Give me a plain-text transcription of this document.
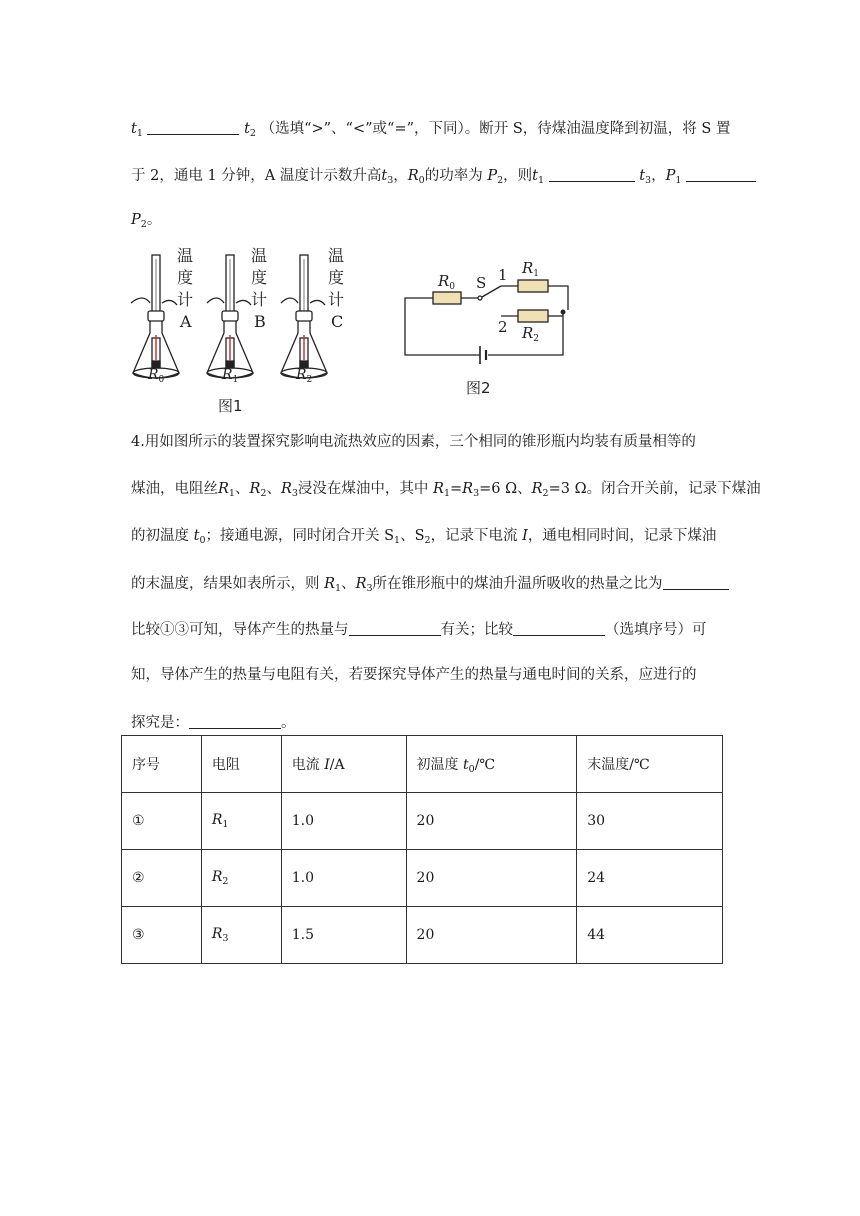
$t_1$	$t_2$ （选填“>”、“<”或“=”，下同）。断开 S，待煤油温度降到初温，将 S 置
于 2，通电 1 分钟，A 温度计示数升高$t_3$，$R_0$的功率为 $P_2$，则$t_1$	$t_3$，$P_1$
$P_2$。
温
度
计
A
温
度
计
B
温
度
计
C
$R_0$	$R_1$	$R_2$
图1
$R_0$ S 1
2
$R_1$
$R_2$
图2
4.用如图所示的装置探究影响电流热效应的因素，三个相同的锥形瓶内均装有质量相等的
煤油，电阻丝$R_1$、$R_2$、$R_3$浸没在煤油中，其中 $R_1=R_3=6$ Ω、$R_2=3$ Ω。闭合开关前，记录下煤油
的初温度 $t_0$；接通电源，同时闭合开关 $S_1$、$S_2$，记录下电流 I，通电相同时间，记录下煤油
的末温度，结果如表所示，则 $R_1$、$R_3$所在锥形瓶中的煤油升温所吸收的热量之比为
比较①③可知，导体产生的热量与	有关；比较	（选填序号）可
知，导体产生的热量与电阻有关，若要探究导体产生的热量与通电时间的关系，应进行的
探究是：	。
序号	电阻	电流 I/A	初温度 $t_0/℃$	末温度/℃
①	$R_1$	1.0	20	30
②	$R_2$	1.0	20	24
③	$R_3$	1.5	20	44
